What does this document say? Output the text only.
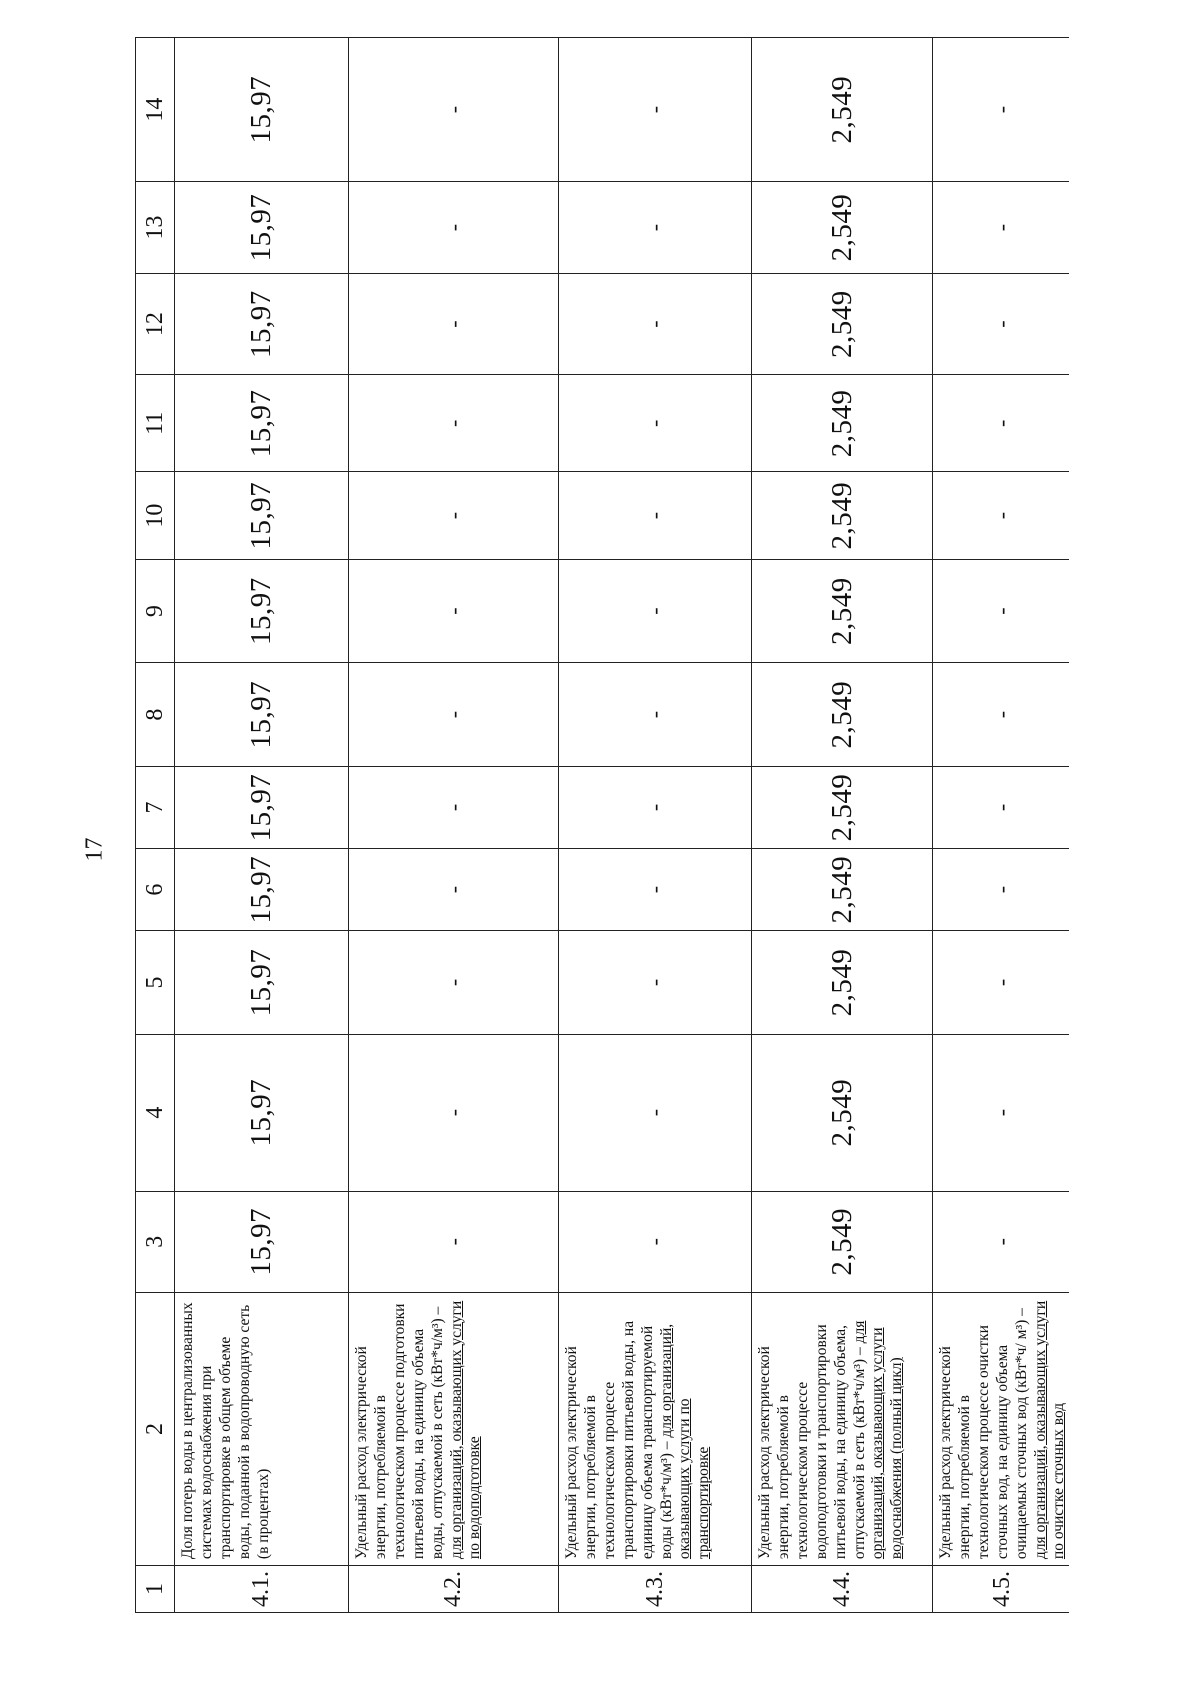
17
1	2	3	4	5	6	7	8	9	10	11	12	13	14
4.1.	Доля потерь воды в централизованных системах водоснабжения при транспортировке в общем объеме воды, поданной в водопроводную сеть (в процентах)	15,97	15,97	15,97	15,97	15,97	15,97	15,97	15,97	15,97	15,97	15,97	15,97
4.2.	Удельный расход электрической энергии, потребляемой в технологическом процессе подготовки питьевой воды, на единицу объема воды, отпускаемой в сеть (кВт*ч/м³) – для организаций, оказывающих услуги по водоподготовке	-	-	-	-	-	-	-	-	-	-	-	-
4.3.	Удельный расход электрической энергии, потребляемой в технологическом процессе транспортировки питьевой воды, на единицу объема транспортируемой воды (кВт*ч/м³) – для организаций, оказывающих услуги по транспортировке	-	-	-	-	-	-	-	-	-	-	-	-
4.4.	Удельный расход электрической энергии, потребляемой в технологическом процессе водоподготовки и транспортировки питьевой воды, на единицу объема, отпускаемой в сеть (кВт*ч/м³) – для организаций, оказывающих услуги водоснабжения (полный цикл)	2,549	2,549	2,549	2,549	2,549	2,549	2,549	2,549	2,549	2,549	2,549	2,549
4.5.	Удельный расход электрической энергии, потребляемой в технологическом процессе очистки сточных вод, на единицу объема очищаемых сточных вод (кВт*ч/ м³) – для организаций, оказывающих услуги по очистке сточных вод	-	-	-	-	-	-	-	-	-	-	-	-
